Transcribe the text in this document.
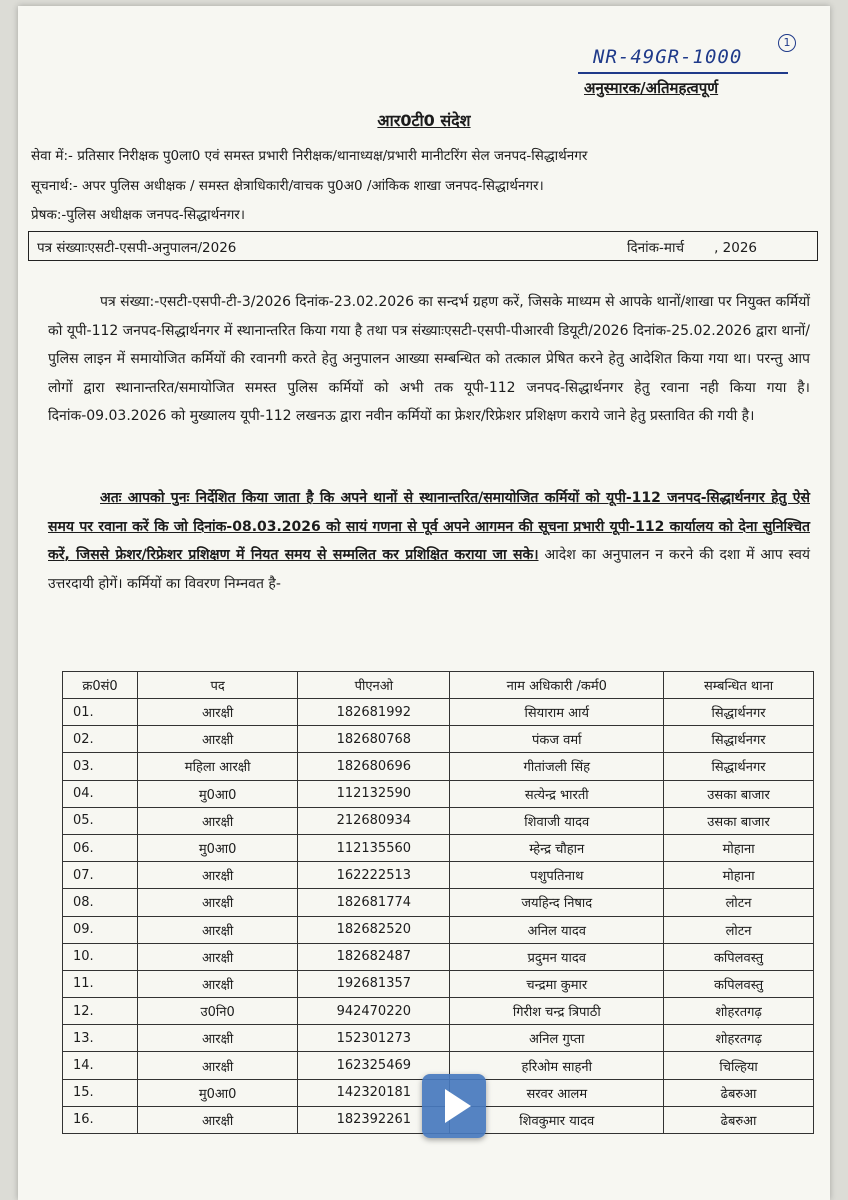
NR-49GR-1000
1
अनुस्मारक/अतिमहत्वपूर्ण
आर0टी0 संदेश
सेवा में:- प्रतिसार निरीक्षक पु0ला0 एवं समस्त प्रभारी निरीक्षक/थानाध्यक्ष/प्रभारी मानीटरिंग सेल जनपद-सिद्धार्थनगर
सूचनार्थ:- अपर पुलिस अधीक्षक / समस्त क्षेत्राधिकारी/वाचक पु0अ0 /आंकिक शाखा जनपद-सिद्धार्थनगर।
प्रेषक:-पुलिस अधीक्षक जनपद-सिद्धार्थनगर।
पत्र संख्याःएसटी-एसपी-अनुपालन/2026	दिनांक-मार्च       , 2026
पत्र संख्या:-एसटी-एसपी-टी-3/2026 दिनांक-23.02.2026 का सन्दर्भ ग्रहण करें, जिसके माध्यम से आपके थानों/शाखा पर नियुक्त कर्मियों को यूपी-112 जनपद-सिद्धार्थनगर में स्थानान्तरित किया गया है तथा पत्र संख्याःएसटी-एसपी-पीआरवी डियूटी/2026 दिनांक-25.02.2026 द्वारा थानों/पुलिस लाइन में समायोजित कर्मियों की रवानगी करते हेतु अनुपालन आख्या सम्बन्धित को तत्काल प्रेषित करने हेतु आदेशित किया गया था। परन्तु आप लोगों द्वारा स्थानान्तरित/समायोजित समस्त पुलिस कर्मियों को अभी तक यूपी-112 जनपद-सिद्धार्थनगर हेतु रवाना नही किया गया है। दिनांक-09.03.2026 को मुख्यालय यूपी-112 लखनऊ द्वारा नवीन कर्मियों का फ्रेशर/रिफ्रेशर प्रशिक्षण कराये जाने हेतु प्रस्तावित की गयी है।
अतः आपको पुनः निर्देशित किया जाता है कि अपने थानों से स्थानान्तरित/समायोजित कर्मियों को यूपी-112 जनपद-सिद्धार्थनगर हेतु ऐसे समय पर रवाना करें कि जो दिनांक-08.03.2026 को सायं गणना से पूर्व अपने आगमन की सूचना प्रभारी यूपी-112 कार्यालय को देना सुनिश्चित करें, जिससे फ्रेशर/रिफ्रेशर प्रशिक्षण में नियत समय से सम्मलित कर प्रशिक्षित कराया जा सके। आदेश का अनुपालन न करने की दशा में आप स्वयं उत्तरदायी होगें। कर्मियों का विवरण निम्नवत है-
क्र0सं0	पद	पीएनओ	नाम अधिकारी /कर्म0	सम्बन्धित थाना
01.	आरक्षी	182681992	सियाराम आर्य	सिद्धार्थनगर
02.	आरक्षी	182680768	पंकज वर्मा	सिद्धार्थनगर
03.	महिला आरक्षी	182680696	गीतांजली सिंह	सिद्धार्थनगर
04.	मु0आ0	112132590	सत्येन्द्र भारती	उसका बाजार
05.	आरक्षी	212680934	शिवाजी यादव	उसका बाजार
06.	मु0आ0	112135560	म्हेन्द्र चौहान	मोहाना
07.	आरक्षी	162222513	पशुपतिनाथ	मोहाना
08.	आरक्षी	182681774	जयहिन्द निषाद	लोटन
09.	आरक्षी	182682520	अनिल यादव	लोटन
10.	आरक्षी	182682487	प्रदुमन यादव	कपिलवस्तु
11.	आरक्षी	192681357	चन्द्रमा कुमार	कपिलवस्तु
12.	उ0नि0	942470220	गिरीश चन्द्र त्रिपाठी	शोहरतगढ़
13.	आरक्षी	152301273	अनिल गुप्ता	शोहरतगढ़
14.	आरक्षी	162325469	हरिओम साहनी	चिल्हिया
15.	मु0आ0	142320181	सरवर आलम	ढेबरुआ
16.	आरक्षी	182392261	शिवकुमार यादव	ढेबरुआ
